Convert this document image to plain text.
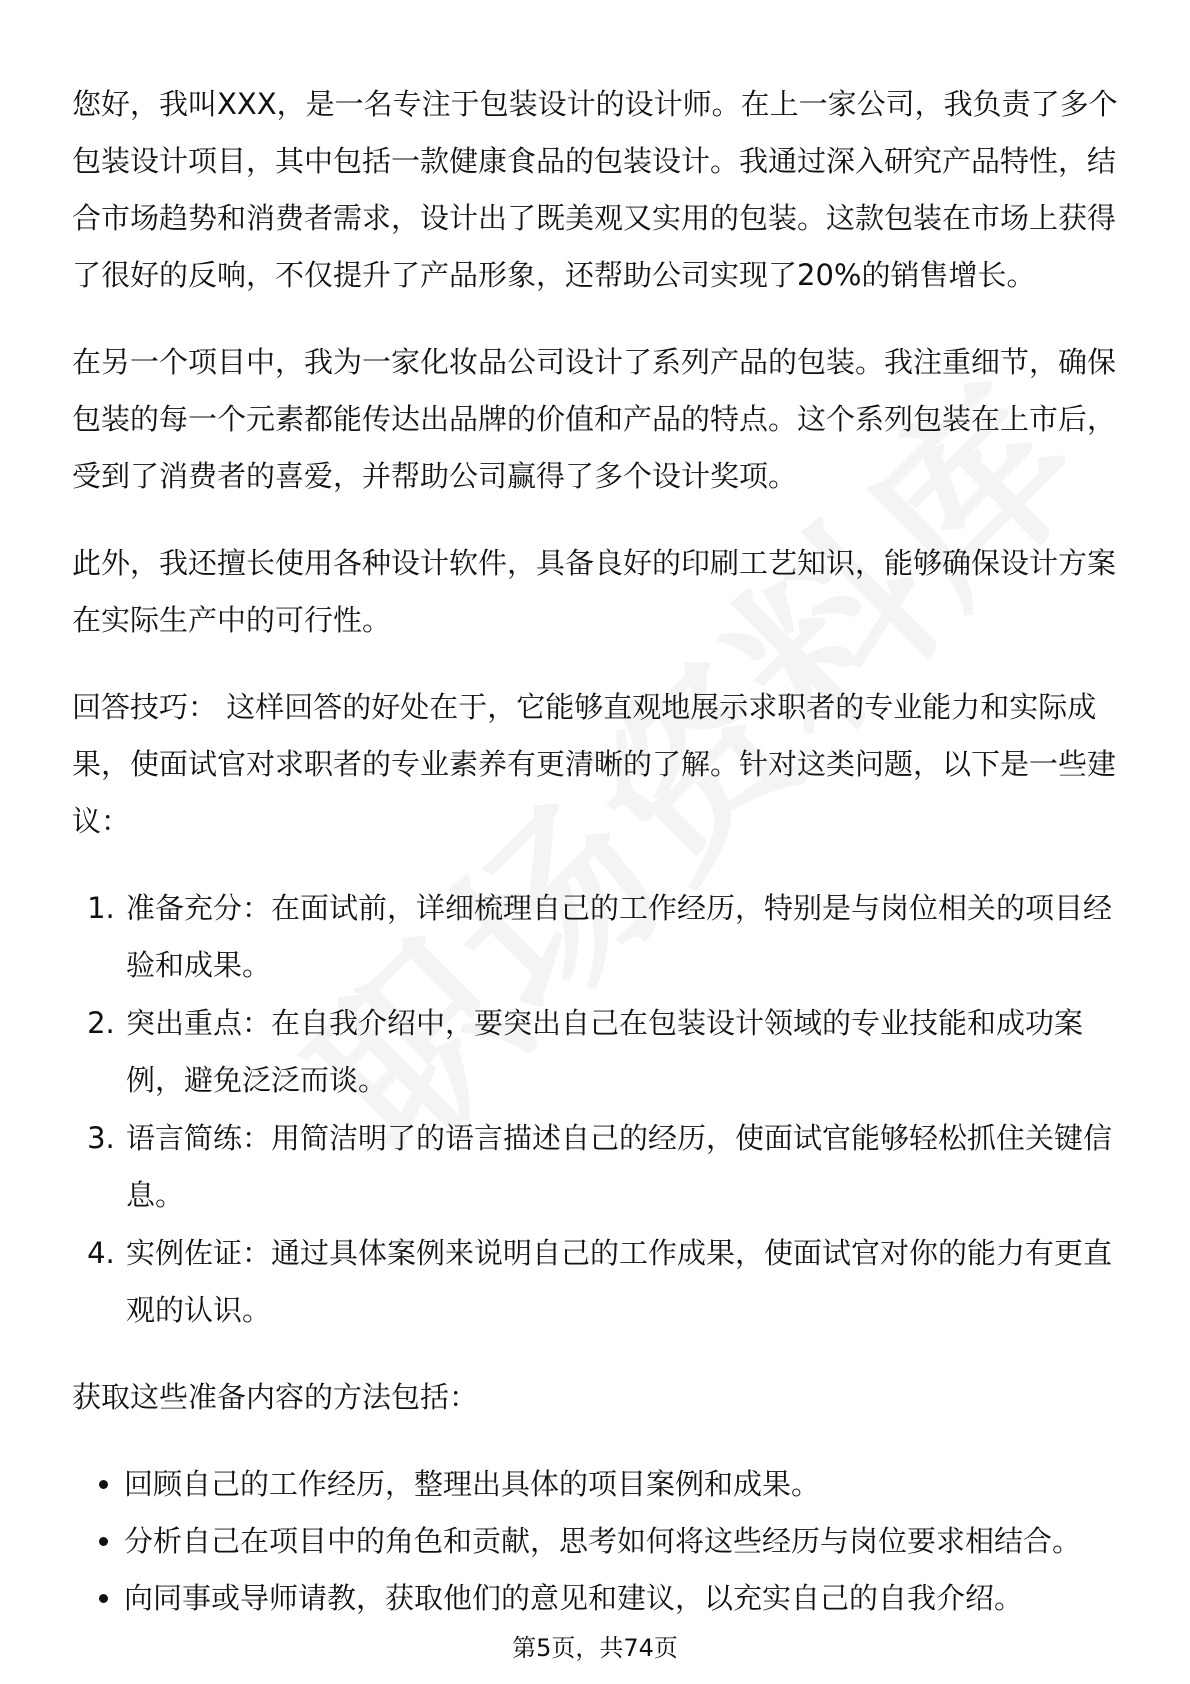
您好，我叫XXX，是一名专注于包装设计的设计师。在上一家公司，我负责了多个包装设计项目，其中包括一款健康食品的包装设计。我通过深入研究产品特性，结合市场趋势和消费者需求，设计出了既美观又实用的包装。这款包装在市场上获得了很好的反响，不仅提升了产品形象，还帮助公司实现了20%的销售增长。

在另一个项目中，我为一家化妆品公司设计了系列产品的包装。我注重细节，确保包装的每一个元素都能传达出品牌的价值和产品的特点。这个系列包装在上市后，受到了消费者的喜爱，并帮助公司赢得了多个设计奖项。

此外，我还擅长使用各种设计软件，具备良好的印刷工艺知识，能够确保设计方案在实际生产中的可行性。

回答技巧： 这样回答的好处在于，它能够直观地展示求职者的专业能力和实际成果，使面试官对求职者的专业素养有更清晰的了解。针对这类问题，以下是一些建议：

1. 准备充分：在面试前，详细梳理自己的工作经历，特别是与岗位相关的项目经验和成果。
2. 突出重点：在自我介绍中，要突出自己在包装设计领域的专业技能和成功案例，避免泛泛而谈。
3. 语言简练：用简洁明了的语言描述自己的经历，使面试官能够轻松抓住关键信息。
4. 实例佐证：通过具体案例来说明自己的工作成果，使面试官对你的能力有更直观的认识。

获取这些准备内容的方法包括：

• 回顾自己的工作经历，整理出具体的项目案例和成果。
• 分析自己在项目中的角色和贡献，思考如何将这些经历与岗位要求相结合。
• 向同事或导师请教，获取他们的意见和建议，以充实自己的自我介绍。
第5页，共74页
